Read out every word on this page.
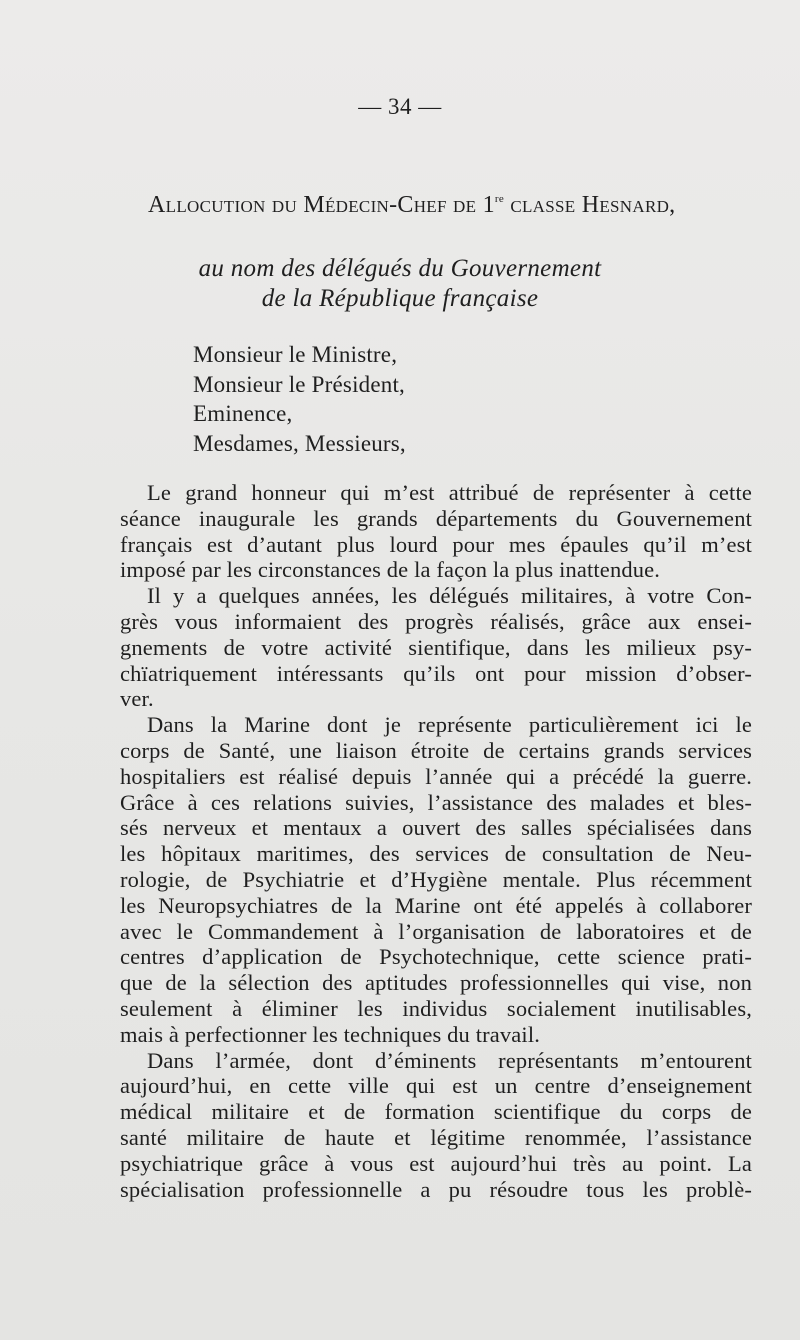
— 34 —
Allocution du Médecin-Chef de 1re classe Hesnard,
au nom des délégués du Gouvernement
de la République française
Monsieur le Ministre,
Monsieur le Président,
Eminence,
Mesdames, Messieurs,
Le grand honneur qui m’est attribué de représenter à cette
séance inaugurale les grands départements du Gouvernement
français est d’autant plus lourd pour mes épaules qu’il m’est
imposé par les circonstances de la façon la plus inattendue.
Il y a quelques années, les délégués militaires, à votre Con-
grès vous informaient des progrès réalisés, grâce aux ensei-
gnements de votre activité sientifique, dans les milieux psy-
chïatriquement intéressants qu’ils ont pour mission d’obser-
ver.
Dans la Marine dont je représente particulièrement ici le
corps de Santé, une liaison étroite de certains grands services
hospitaliers est réalisé depuis l’année qui a précédé la guerre.
Grâce à ces relations suivies, l’assistance des malades et bles-
sés nerveux et mentaux a ouvert des salles spécialisées dans
les hôpitaux maritimes, des services de consultation de Neu-
rologie, de Psychiatrie et d’Hygiène mentale. Plus récemment
les Neuropsychiatres de la Marine ont été appelés à collaborer
avec le Commandement à l’organisation de laboratoires et de
centres d’application de Psychotechnique, cette science prati-
que de la sélection des aptitudes professionnelles qui vise, non
seulement à éliminer les individus socialement inutilisables,
mais à perfectionner les techniques du travail.
Dans l’armée, dont d’éminents représentants m’entourent
aujourd’hui, en cette ville qui est un centre d’enseignement
médical militaire et de formation scientifique du corps de
santé militaire de haute et légitime renommée, l’assistance
psychiatrique grâce à vous est aujourd’hui très au point. La
spécialisation professionnelle a pu résoudre tous les problè-
